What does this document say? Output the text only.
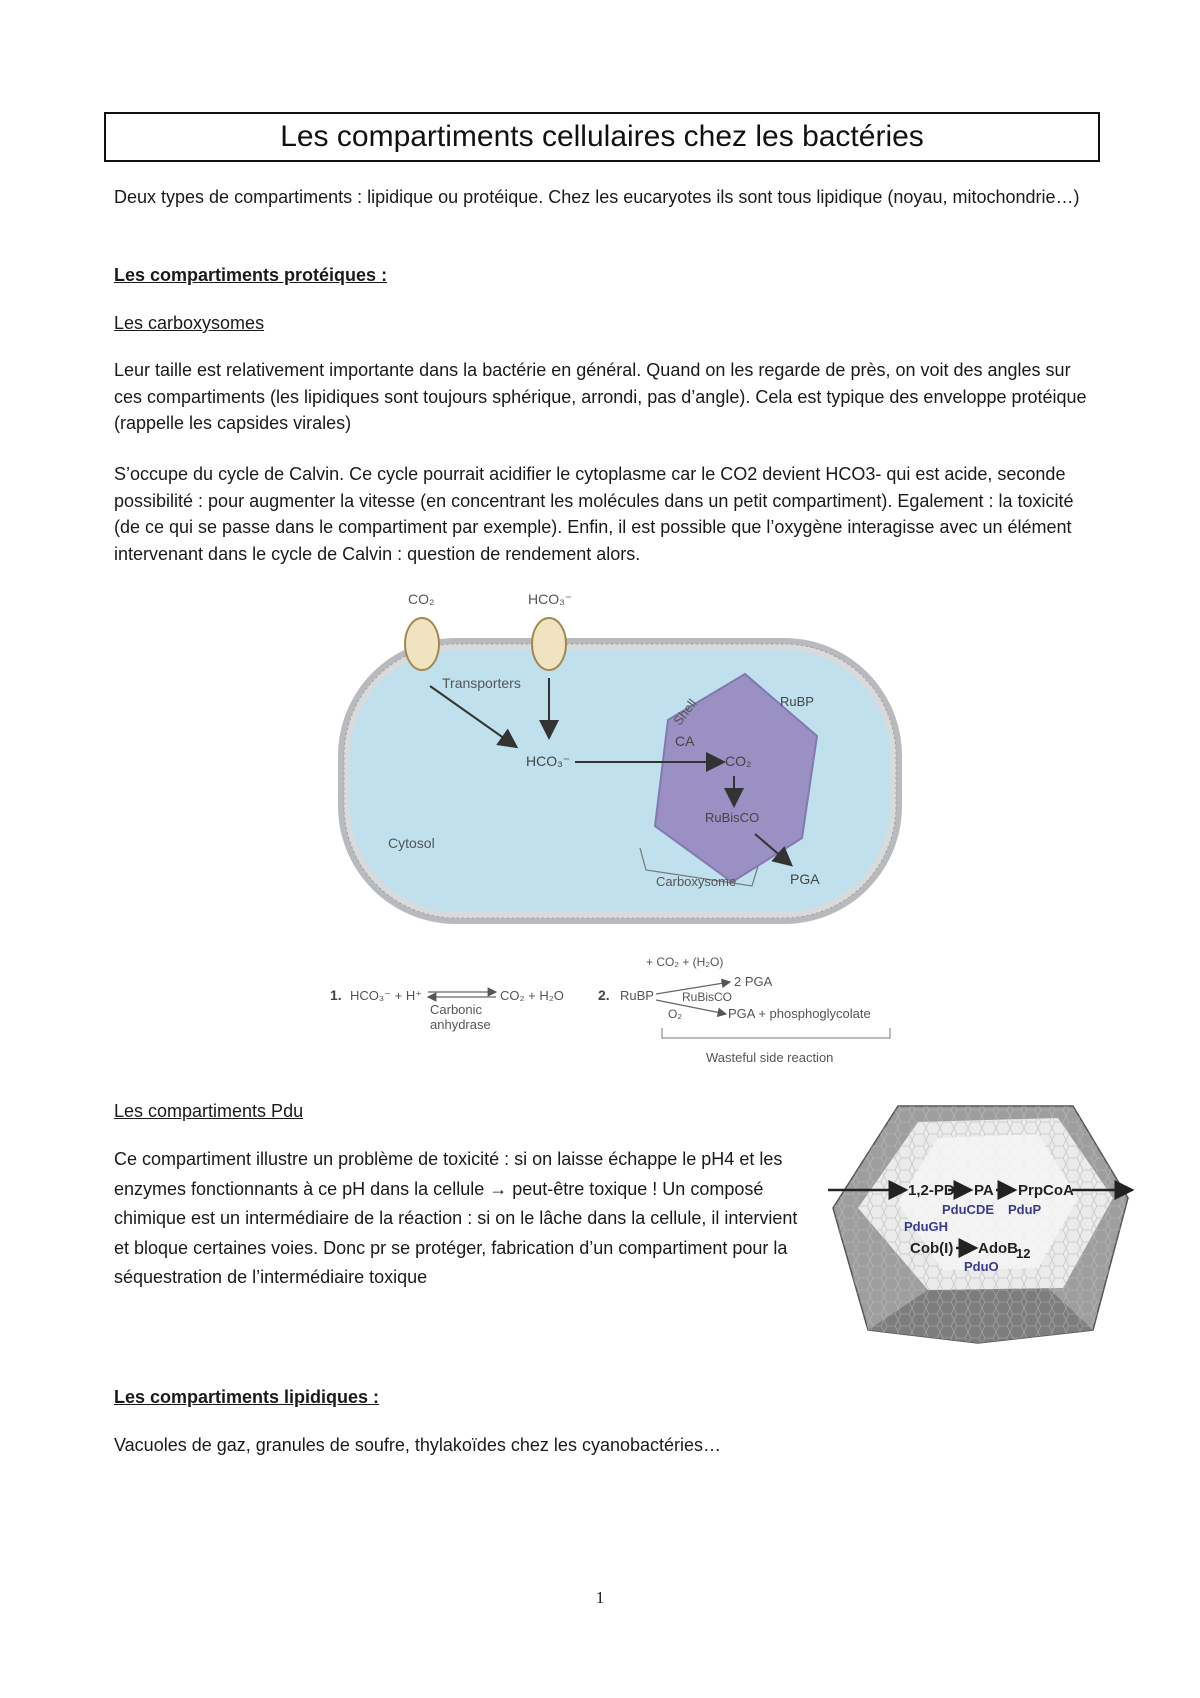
Les compartiments cellulaires chez les bactéries

Deux types de compartiments : lipidique ou protéique. Chez les eucaryotes ils sont tous lipidique (noyau, mitochondrie…)

Les compartiments protéiques :

Les carboxysomes

Leur taille est relativement importante dans la bactérie en général. Quand on les regarde de près, on voit des angles sur ces compartiments (les lipidiques sont toujours sphérique, arrondi, pas d’angle). Cela est typique des enveloppe protéique (rappelle les capsides virales)

S’occupe du cycle de Calvin. Ce cycle pourrait acidifier le cytoplasme car le CO2 devient HCO3- qui est acide, seconde possibilité : pour augmenter la vitesse (en concentrant les molécules dans un petit compartiment). Egalement : la toxicité (de ce qui se passe dans le compartiment par exemple). Enfin, il est possible que l’oxygène interagisse avec un élément intervenant dans le cycle de Calvin : question de rendement alors.

CO₂	HCO₃⁻
Transporters
HCO₃⁻
CA
CO₂
RuBP
RuBisCO
Shell
Cytosol
PGA
Carboxysome
1. HCO₃⁻ + H⁺	CO₂ + H₂O
Carbonic
anhydrase
2. RuBP
+ CO₂ + (H₂O)
2 PGA
RuBisCO
O₂	PGA + phosphoglycolate
Wasteful side reaction

Les compartiments Pdu

Ce compartiment illustre un problème de toxicité : si on laisse échappe le pH4 et les enzymes fonctionnants à ce pH dans la cellule → peut-être toxique ! Un composé chimique est un intermédiaire de la réaction : si on le lâche dans la cellule, il intervient et bloque certaines voies. Donc pr se protéger, fabrication d’un compartiment pour la séquestration de l’intermédiaire toxique

1,2-PD PA PrpCoA
PduCDE PduP
PduGH
Cob(I) AdoB
12
PduO

Les compartiments lipidiques :

Vacuoles de gaz, granules de soufre, thylakoïdes chez les cyanobactéries…

1
